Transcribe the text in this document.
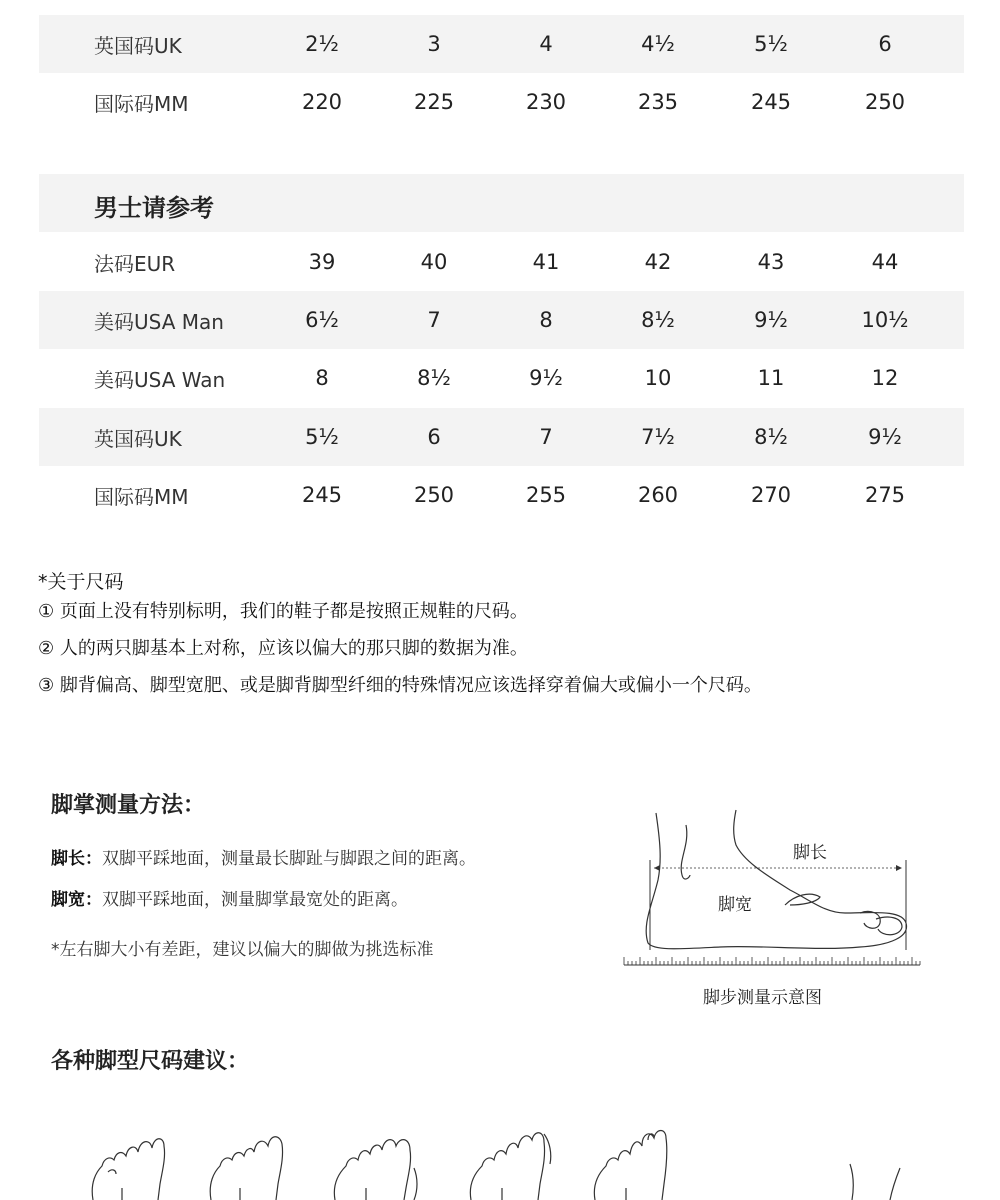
英国码UK	2½	3	4	4½	5½	6
国际码MM	220	225	230	235	245	250
男士请参考
法码EUR	39	40	41	42	43	44
美码USA Man	6½	7	8	8½	9½	10½
美码USA Wan	8	8½	9½	10	11	12
英国码UK	5½	6	7	7½	8½	9½
国际码MM	245	250	255	260	270	275
*关于尺码
① 页面上没有特别标明，我们的鞋子都是按照正规鞋的尺码。
② 人的两只脚基本上对称，应该以偏大的那只脚的数据为准。
③ 脚背偏高、脚型宽肥、或是脚背脚型纤细的特殊情况应该选择穿着偏大或偏小一个尺码。
脚掌测量方法：
脚长：双脚平踩地面，测量最长脚趾与脚跟之间的距离。
脚宽：双脚平踩地面，测量脚掌最宽处的距离。
*左右脚大小有差距，建议以偏大的脚做为挑选标准
脚长
脚宽
脚步测量示意图
各种脚型尺码建议：
